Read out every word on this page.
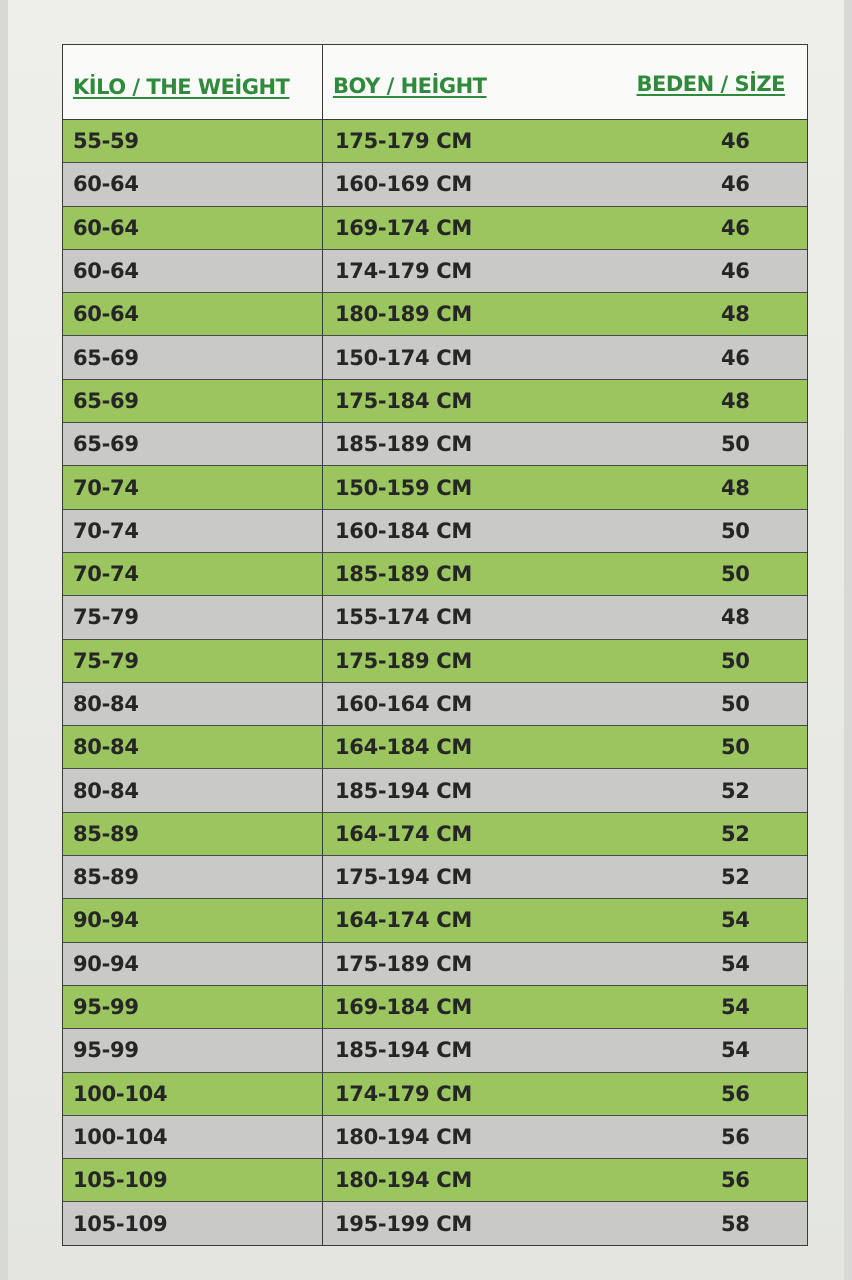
KİLO / THE WEİGHT	BOY / HEİGHT	BEDEN / SİZE
55-59	175-179 CM	46
60-64	160-169 CM	46
60-64	169-174 CM	46
60-64	174-179 CM	46
60-64	180-189 CM	48
65-69	150-174 CM	46
65-69	175-184 CM	48
65-69	185-189 CM	50
70-74	150-159 CM	48
70-74	160-184 CM	50
70-74	185-189 CM	50
75-79	155-174 CM	48
75-79	175-189 CM	50
80-84	160-164 CM	50
80-84	164-184 CM	50
80-84	185-194 CM	52
85-89	164-174 CM	52
85-89	175-194 CM	52
90-94	164-174 CM	54
90-94	175-189 CM	54
95-99	169-184 CM	54
95-99	185-194 CM	54
100-104	174-179 CM	56
100-104	180-194 CM	56
105-109	180-194 CM	56
105-109	195-199 CM	58
